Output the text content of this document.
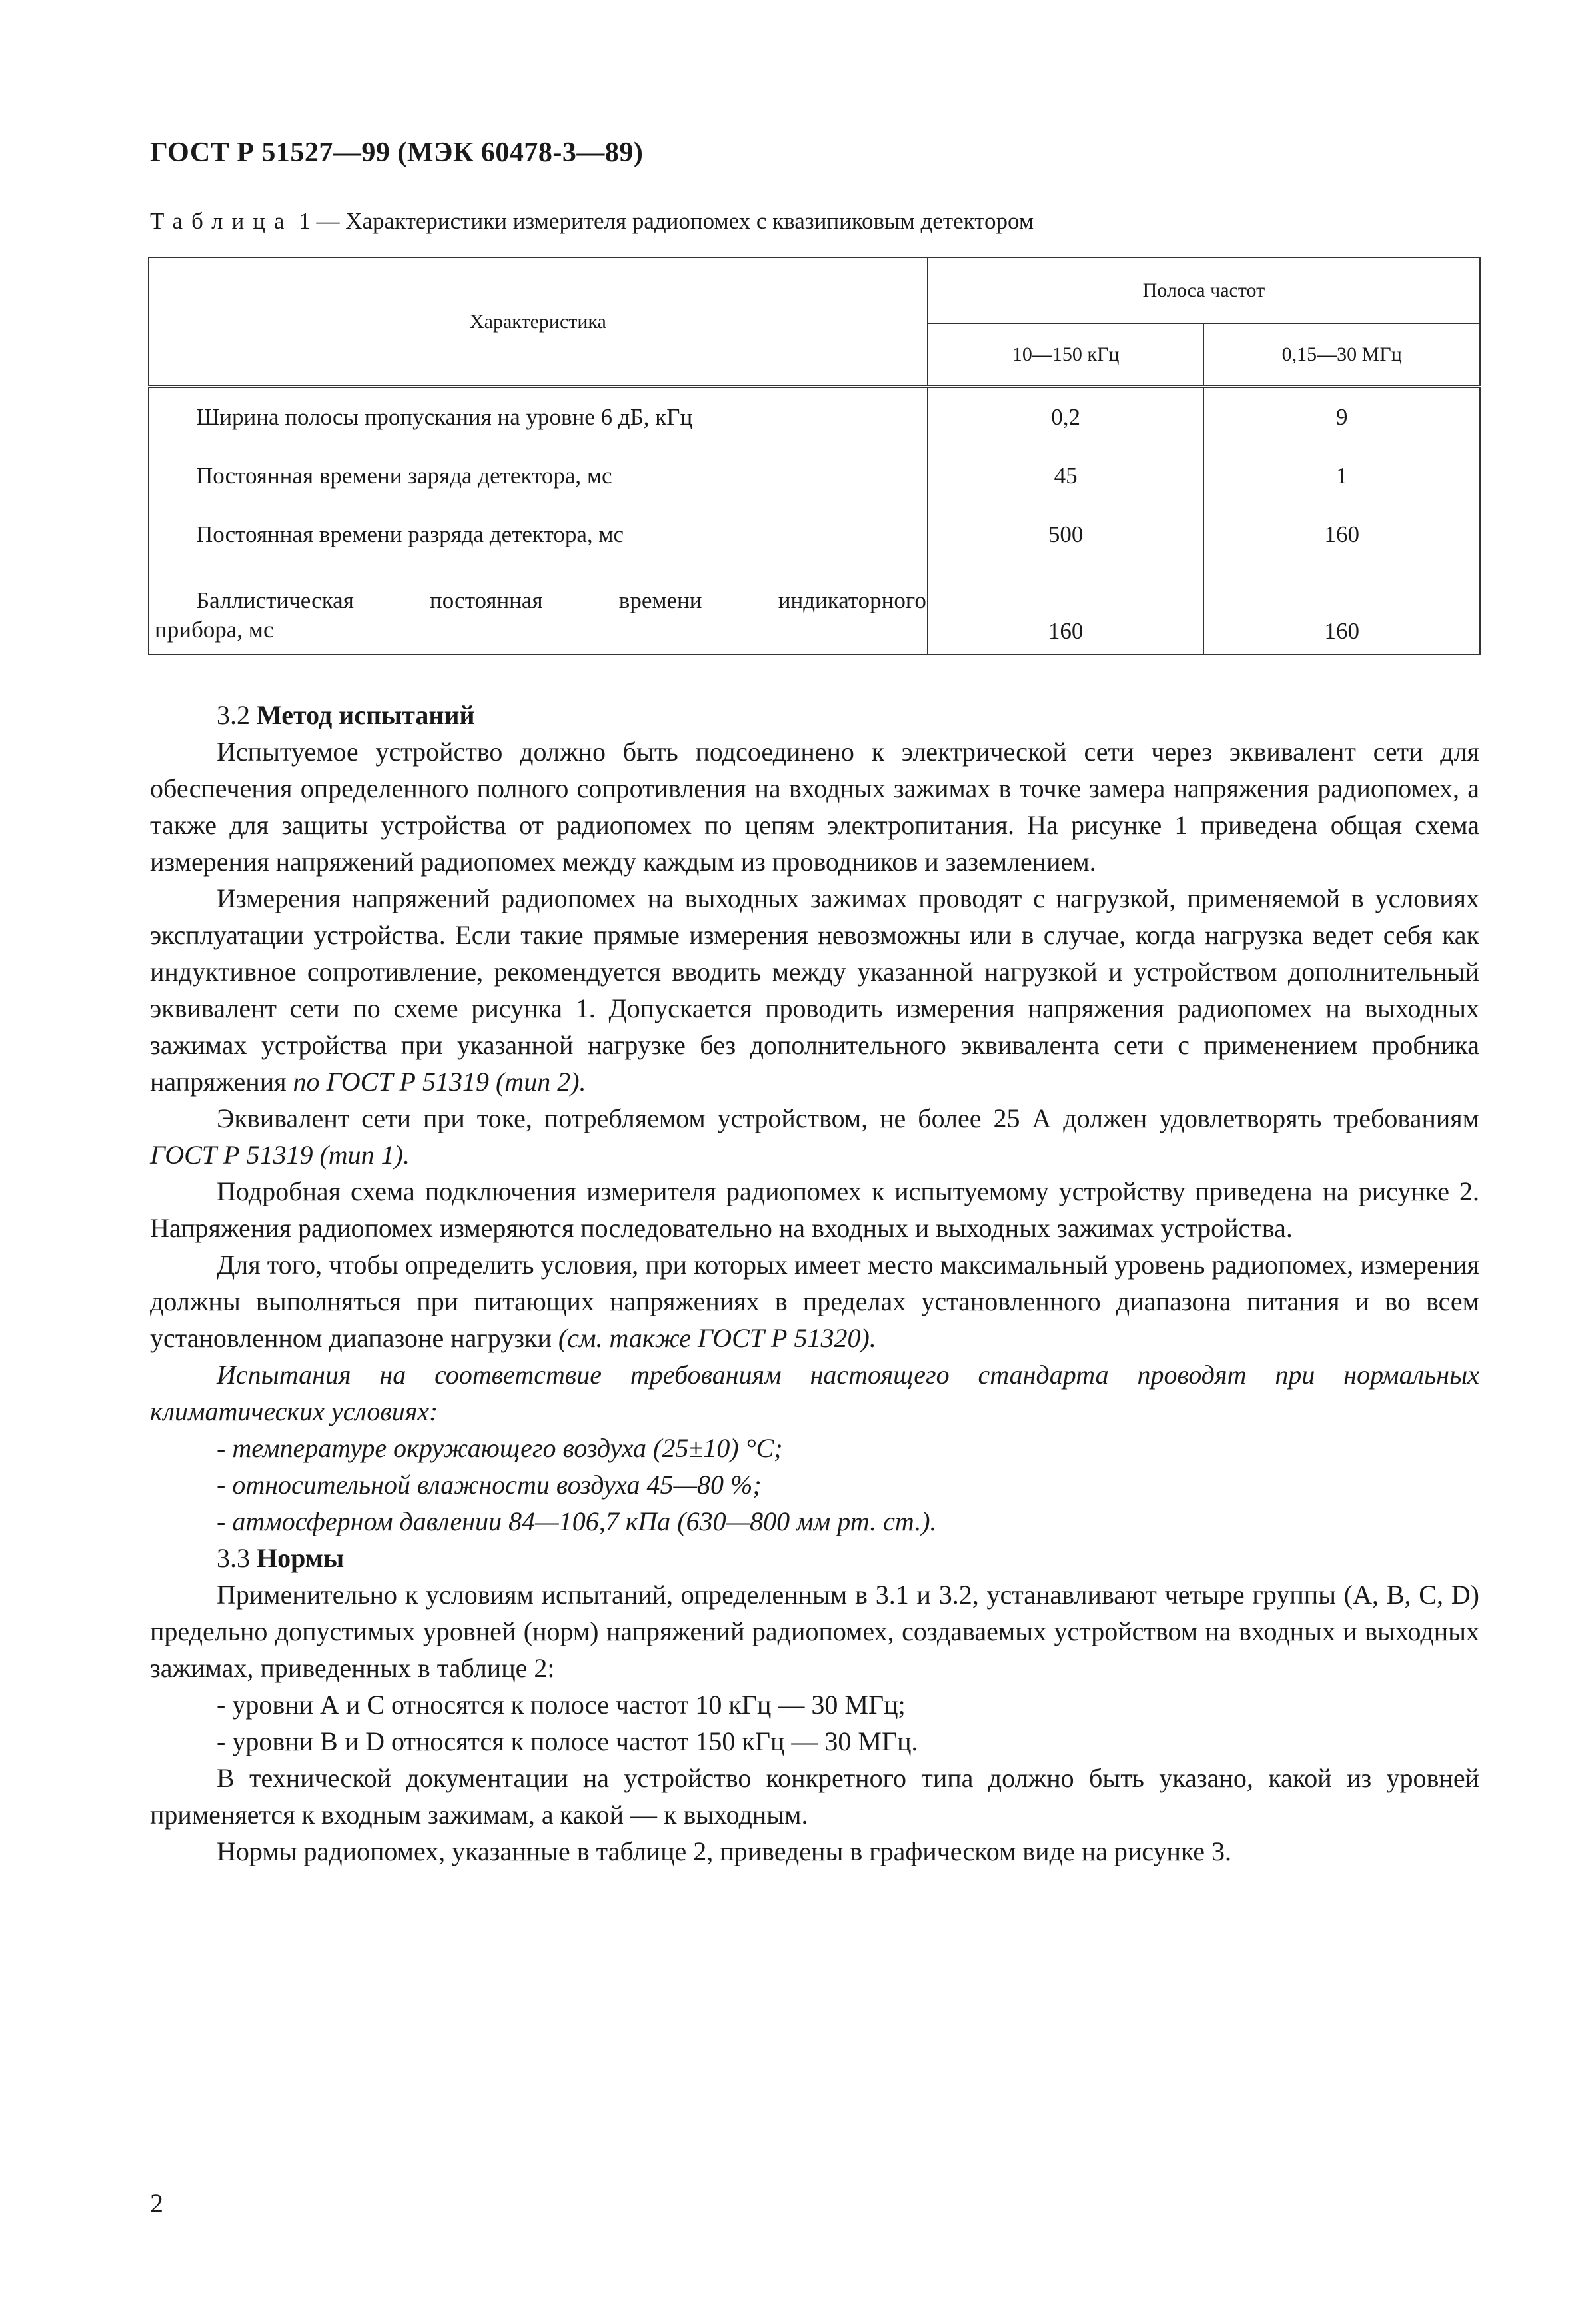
ГОСТ Р 51527—99 (МЭК 60478-3—89)
Таблица 1 — Характеристики измерителя радиопомех с квазипиковым детектором
Характеристика	Полоса частот	
	10—150 кГц	0,15—30 МГц
Ширина полосы пропускания на уровне 6 дБ, кГц	0,2	9
Постоянная времени заряда детектора, мс	45	1
Постоянная времени разряда детектора, мс	500	160

Баллистическая постоянная времени индикаторного
прибора, мс	160	160

3.2 Метод испытаний

Испытуемое устройство должно быть подсоединено к электрической сети через эквивалент сети для обеспечения определенного полного сопротивления на входных зажимах в точке замера напряжения радиопомех, а также для защиты устройства от радиопомех по цепям электропитания. На рисунке 1 приведена общая схема измерения напряжений радиопомех между каждым из проводников и заземлением.

Измерения напряжений радиопомех на выходных зажимах проводят с нагрузкой, применяемой в условиях эксплуатации устройства. Если такие прямые измерения невозможны или в случае, когда нагрузка ведет себя как индуктивное сопротивление, рекомендуется вводить между указанной нагрузкой и устройством дополнительный эквивалент сети по схеме рисунка 1. Допускается проводить измерения напряжения радиопомех на выходных зажимах устройства при указанной нагрузке без дополнительного эквивалента сети с применением пробника напряжения по ГОСТ Р 51319 (тип 2).

Эквивалент сети при токе, потребляемом устройством, не более 25 А должен удовлетворять требованиям ГОСТ Р 51319 (тип 1).

Подробная схема подключения измерителя радиопомех к испытуемому устройству приведена на рисунке 2. Напряжения радиопомех измеряются последовательно на входных и выходных зажимах устройства.

Для того, чтобы определить условия, при которых имеет место максимальный уровень радиопомех, измерения должны выполняться при питающих напряжениях в пределах установленного диапазона питания и во всем установленном диапазоне нагрузки (см. также ГОСТ Р 51320).

Испытания на соответствие требованиям настоящего стандарта проводят при нормальных климатических условиях:

- температуре окружающего воздуха (25±10) °С;

- относительной влажности воздуха 45—80 %;

- атмосферном давлении 84—106,7 кПа (630—800 мм рт. ст.).

3.3 Нормы

Применительно к условиям испытаний, определенным в 3.1 и 3.2, устанавливают четыре группы (А, В, С, D) предельно допустимых уровней (норм) напряжений радиопомех, создаваемых устройством на входных и выходных зажимах, приведенных в таблице 2:

- уровни А и С относятся к полосе частот 10 кГц — 30 МГц;

- уровни В и D относятся к полосе частот 150 кГц — 30 МГц.

В технической документации на устройство конкретного типа должно быть указано, какой из уровней применяется к входным зажимам, а какой — к выходным.

Нормы радиопомех, указанные в таблице 2, приведены в графическом виде на рисунке 3.

2
